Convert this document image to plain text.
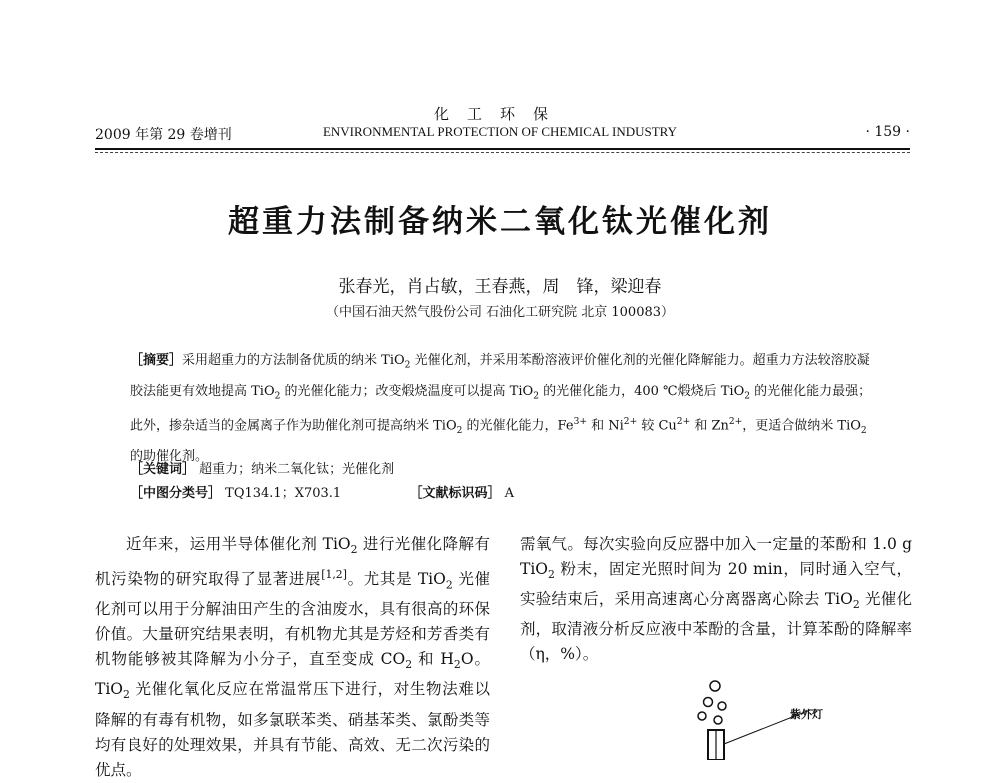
化工环保
2009 年第 29 卷增刊	ENVIRONMENTAL PROTECTION OF CHEMICAL INDUSTRY	· 159 ·
超重力法制备纳米二氧化钛光催化剂
张春光，肖占敏，王春燕，周　锋，梁迎春
（中国石油天然气股份公司 石油化工研究院 北京 100083）
［摘要］采用超重力的方法制备优质的纳米 TiO$_2$ 光催化剂，并采用苯酚溶液评价催化剂的光催化降解能力。超重力方法较溶胶凝胶法能更有效地提高 TiO$_2$ 的光催化能力；改变煅烧温度可以提高 TiO$_2$ 的光催化能力，400 ℃煅烧后 TiO$_2$ 的光催化能力最强；此外，掺杂适当的金属离子作为助催化剂可提高纳米 TiO$_2$ 的光催化能力，$Fe^{3+}$ 和 $Ni^{2+}$ 较 $Cu^{2+}$ 和 $Zn^{2+}$，更适合做纳米 TiO$_2$ 的助催化剂。
［关键词］ 超重力；纳米二氧化钛；光催化剂
［中图分类号］ TQ134.1；X703.1	［文献标识码］ A
近年来，运用半导体催化剂 TiO$_2$ 进行光催化降解有机污染物的研究取得了显著进展[1,2]。尤其是 TiO$_2$ 光催化剂可以用于分解油田产生的含油废水，具有很高的环保价值。大量研究结果表明，有机物尤其是芳烃和芳香类有机物能够被其降解为小分子，直至变成 $CO_2$ 和 $H_2O$。TiO$_2$ 光催化氧化反应在常温常压下进行，对生物法难以降解的有毒有机物，如多氯联苯类、硝基苯类、氯酚类等均有良好的处理效果，并具有节能、高效、无二次污染的优点。
需氧气。每次实验向反应器中加入一定量的苯酚和 1.0 g TiO$_2$ 粉末，固定光照时间为 20 min，同时通入空气，实验结束后，采用高速离心分离器离心除去 TiO$_2$ 光催化剂，取清液分析反应液中苯酚的含量，计算苯酚的降解率（η，%）。
紫外灯
